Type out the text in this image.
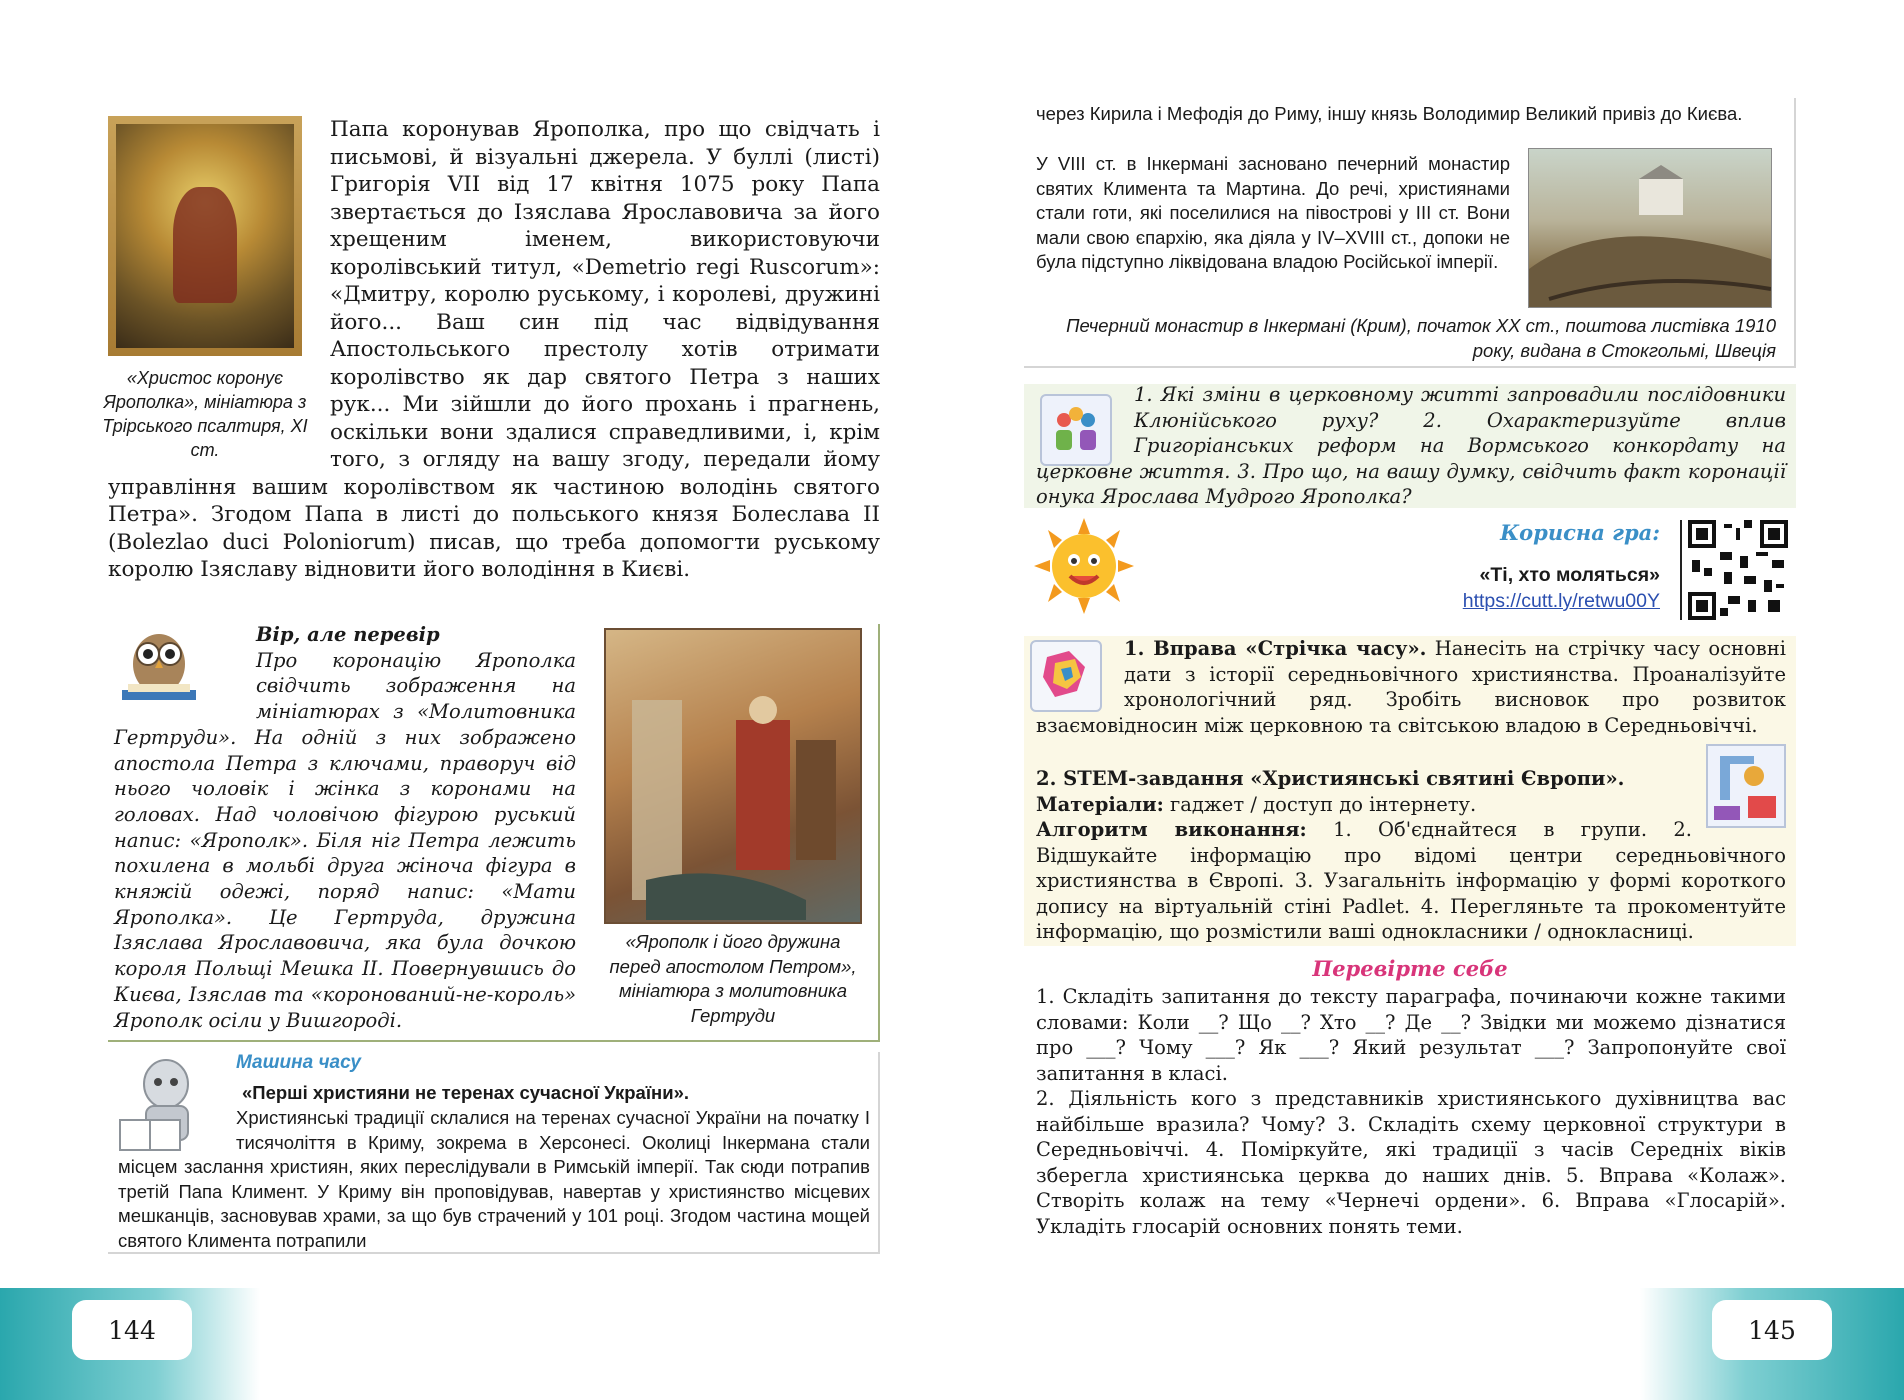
«Христос коронує Ярополка», мініатюра з Трірського псалтиря, XI ст.
Папа коронував Ярополка, про що свідчать і письмові, й візуальні джерела. У буллі (листі) Григорія VII від 17 квітня 1075 року Папа звертається до Ізяслава Ярославовича за його хрещеним іменем, використовуючи королівський титул, «Demetrio regi Ruscorum»: «Дмитру, королю руському, і королеві, дружині його... Ваш син під час відвідування Апостольського престолу хотів отримати королівство як дар святого Петра з наших рук... Ми зійшли до його прохань і прагнень, оскільки вони здалися справедливими, і, крім того, з огляду на вашу згоду, передали йому управління вашим королівством як частиною володінь святого Петра». Згодом Папа в листі до польського князя Болеслава II (Bolezlao duci Poloniorum) писав, що треба допомогти руському королю Ізяславу відновити його володіння в Києві.
Вір, але перевір
Про коронацію Ярополка свідчить зображення на мініатюрах з «Молитовника Гертруди». На одній з них зображено апостола Петра з ключами, праворуч від нього чоловік і жінка з коронами на головах. Над чоловічою фігурою руський напис: «Ярополк». Біля ніг Петра лежить похилена в мольбі друга жіноча фігура в княжій одежі, поряд напис: «Мати Ярополка». Це Гертруда, дружина Ізяслава Ярославовича, яка була дочкою короля Польщі Мешка II. Повернувшись до Києва, Ізяслав та «коронований-не-король» Ярополк осіли у Вишгороді.
«Ярополк і його дружина перед апостолом Петром», мініатюра з молитовника Гертруди
Машина часу
«Перші християни не теренах сучасної України».
Християнські традиції склалися на теренах сучасної України на початку I тисячоліття в Криму, зокрема в Херсонесі. Околиці Інкермана стали місцем заслання християн, яких переслідували в Римській імперії. Так сюди потрапив третій Папа Климент. У Криму він проповідував, навертав у християнство місцевих мешканців, засновував храми, за що був страчений у 101 році. Згодом частина мощей святого Климента потрапили
144
через Кирила і Мефодія до Риму, іншу князь Володимир Великий привіз до Києва.
У VIII ст. в Інкермані засновано печерний монастир святих Климента та Мартина. До речі, християнами стали готи, які поселилися на півострові у III ст. Вони мали свою єпархію, яка діяла у IV–XVIII ст., допоки не була підступно ліквідована владою Російської імперії.
Печерний монастир в Інкермані (Крим), початок XX ст., поштова листівка 1910 року, видана в Стокгольмі, Швеція
1. Які зміни в церковному житті запровадили послідовники Клюнійського руху? 2. Охарактеризуйте вплив Григоріанських реформ на Вормського конкордату на церковне життя. 3. Про що, на вашу думку, свідчить факт коронації онука Ярослава Мудрого Ярополка?
Корисна гра:
«Ті, хто моляться»
https://cutt.ly/retwu00Y
1. Вправа «Стрічка часу». Нанесіть на стрічку часу основні дати з історії середньовічного християнства. Проаналізуйте хронологічний ряд. Зробіть висновок про розвиток взаємовідносин між церковною та світською владою в Середньовіччі.
2. STEM-завдання «Християнські святині Європи».
Матеріали: гаджет / доступ до інтернету.
Алгоритм виконання: 1. Об'єднайтеся в групи. 2. Відшукайте інформацію про відомі центри середньовічного християнства в Європі. 3. Узагальніть інформацію у формі короткого допису на віртуальній стіні Padlet. 4. Перегляньте та прокоментуйте інформацію, що розмістили ваші однокласники / однокласниці.
Перевірте себе
1. Складіть запитання до тексту параграфа, починаючи кожне такими словами: Коли __? Що __? Хто __? Де __? Звідки ми можемо дізнатися про ___? Чому ___? Як ___? Який результат ___? Запропонуйте свої запитання в класі.
2. Діяльність кого з представників християнського духівництва вас найбільше вразила? Чому? 3. Складіть схему церковної структури в Середньовіччі. 4. Поміркуйте, які традиції з часів Середніх віків зберегла християнська церква до наших днів. 5. Вправа «Колаж». Створіть колаж на тему «Чернечі ордени». 6. Вправа «Глосарій». Укладіть глосарій основних понять теми.
145
